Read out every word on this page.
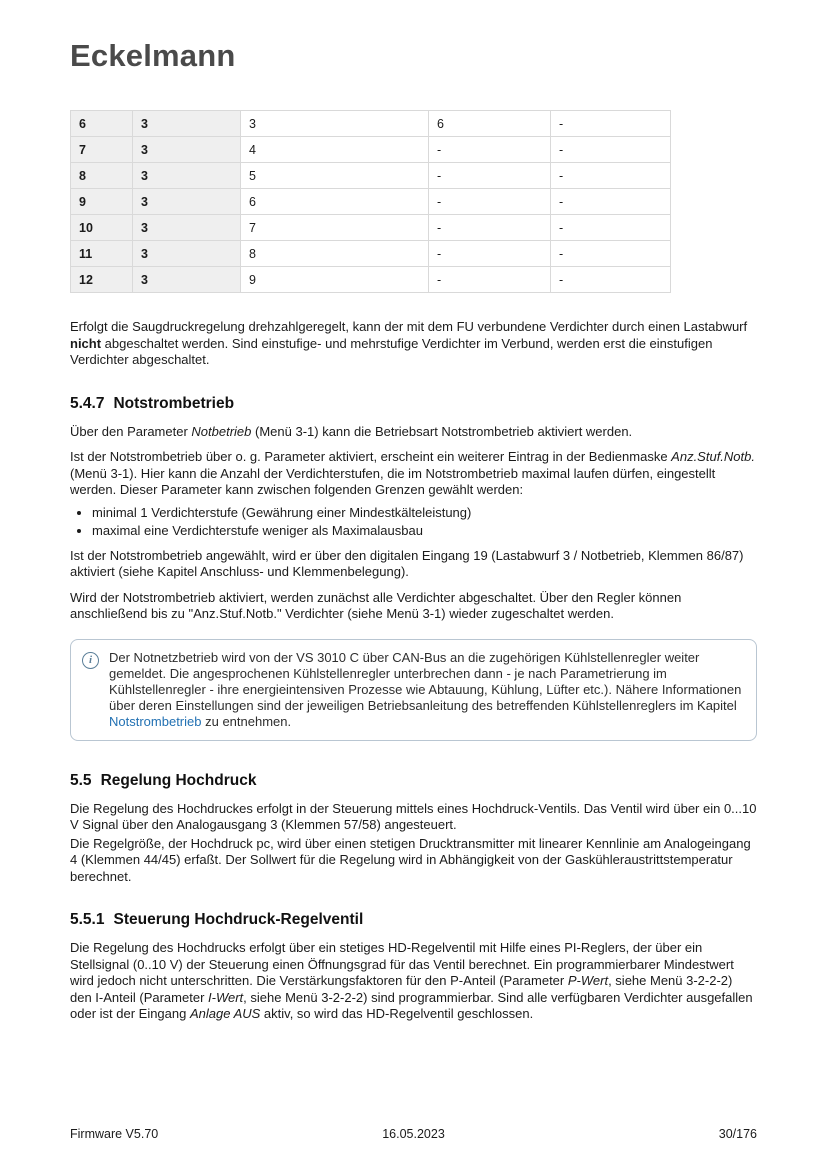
Eckelmann
6	3	3	6	-
7	3	4	-	-
8	3	5	-	-
9	3	6	-	-
10	3	7	-	-
11	3	8	-	-
12	3	9	-	-

Erfolgt die Saugdruckregelung drehzahlgeregelt, kann der mit dem FU verbundene Verdichter durch einen Lastabwurf nicht abgeschaltet werden. Sind einstufige- und mehrstufige Verdichter im Verbund, werden erst die einstufigen Verdichter abgeschaltet.

5.4.7 Notstrombetrieb

Über den Parameter Notbetrieb (Menü 3-1) kann die Betriebsart Notstrombetrieb aktiviert werden.

Ist der Notstrombetrieb über o. g. Parameter aktiviert, erscheint ein weiterer Eintrag in der Bedienmaske Anz.Stuf.Notb. (Menü 3-1). Hier kann die Anzahl der Verdichterstufen, die im Notstrombetrieb maximal laufen dürfen, eingestellt werden. Dieser Parameter kann zwischen folgenden Grenzen gewählt werden:

• minimal 1 Verdichterstufe (Gewährung einer Mindestkälteleistung)
• maximal eine Verdichterstufe weniger als Maximalausbau

Ist der Notstrombetrieb angewählt, wird er über den digitalen Eingang 19 (Lastabwurf 3 / Notbetrieb, Klemmen 86/87) aktiviert (siehe Kapitel Anschluss- und Klemmenbelegung).

Wird der Notstrombetrieb aktiviert, werden zunächst alle Verdichter abgeschaltet. Über den Regler können anschließend bis zu "Anz.Stuf.Notb." Verdichter (siehe Menü 3-1) wieder zugeschaltet werden.

i	Der Notnetzbetrieb wird von der VS 3010 C über CAN-Bus an die zugehörigen Kühlstellenregler weiter gemeldet. Die angesprochenen Kühlstellenregler unterbrechen dann - je nach Parametrierung im Kühlstellenregler - ihre energieintensiven Prozesse wie Abtauung, Kühlung, Lüfter etc.). Nähere Informationen über deren Einstellungen sind der jeweiligen Betriebsanleitung des betreffenden Kühlstellenreglers im Kapitel Notstrombetrieb zu entnehmen.
5.5 Regelung Hochdruck

Die Regelung des Hochdruckes erfolgt in der Steuerung mittels eines Hochdruck-Ventils. Das Ventil wird über ein 0...10 V Signal über den Analogausgang 3 (Klemmen 57/58) angesteuert.

Die Regelgröße, der Hochdruck pc, wird über einen stetigen Drucktransmitter mit linearer Kennlinie am Analogeingang 4 (Klemmen 44/45) erfaßt. Der Sollwert für die Regelung wird in Abhängigkeit von der Gaskühleraustrittstemperatur berechnet.

5.5.1 Steuerung Hochdruck-Regelventil

Die Regelung des Hochdrucks erfolgt über ein stetiges HD-Regelventil mit Hilfe eines PI-Reglers, der über ein Stellsignal (0..10 V) der Steuerung einen Öffnungsgrad für das Ventil berechnet. Ein programmierbarer Mindestwert wird jedoch nicht unterschritten. Die Verstärkungsfaktoren für den P-Anteil (Parameter P-Wert, siehe Menü 3-2-2-2) den I-Anteil (Parameter I-Wert, siehe Menü 3-2-2-2) sind programmierbar. Sind alle verfügbaren Verdichter ausgefallen oder ist der Eingang Anlage AUS aktiv, so wird das HD-Regelventil geschlossen.

Firmware V5.70	16.05.2023	30/176
